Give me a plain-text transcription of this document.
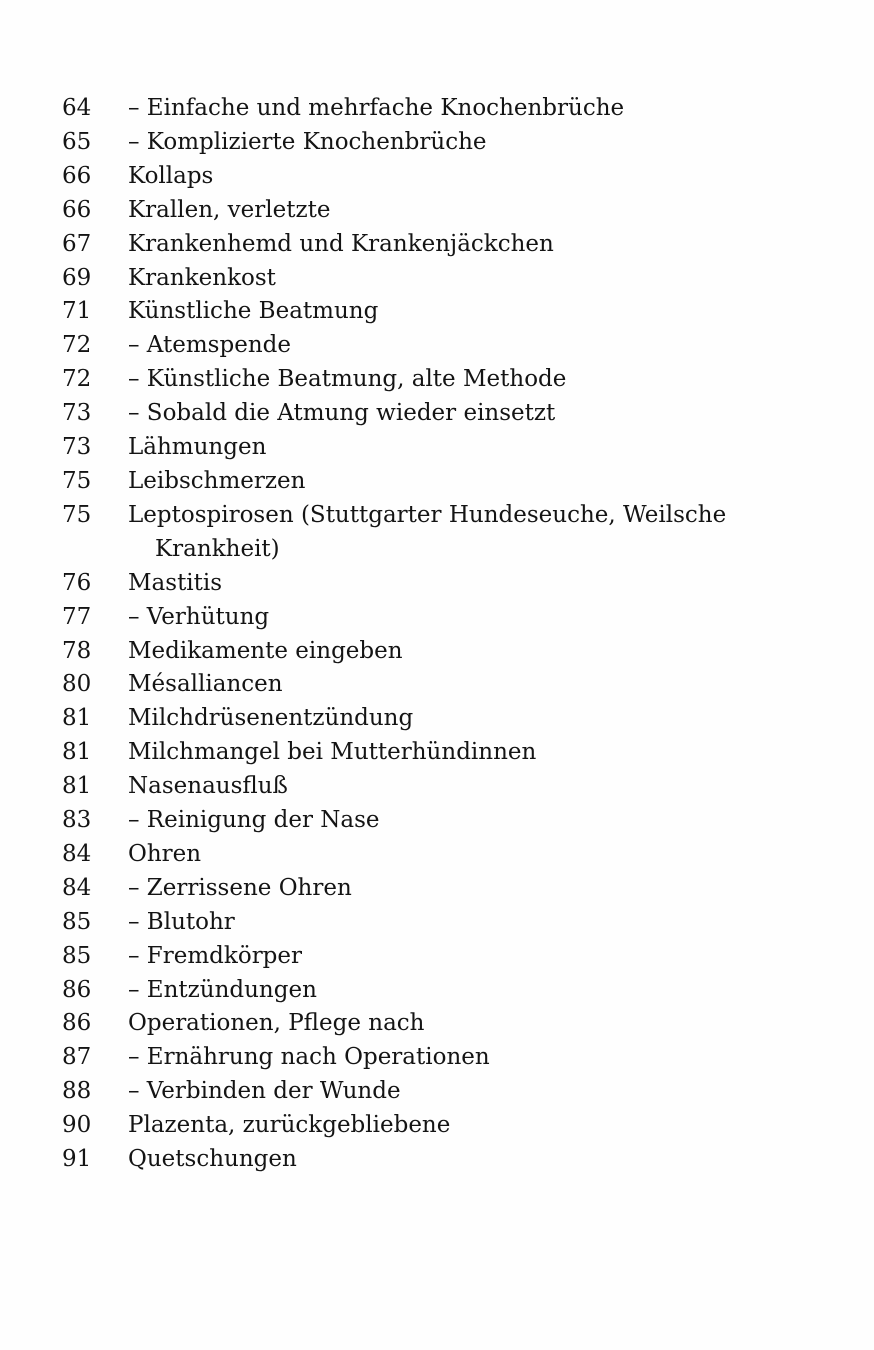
64	– Einfache und mehrfache Knochenbrüche
65	– Komplizierte Knochenbrüche
66	Kollaps
66	Krallen, verletzte
67	Krankenhemd und Krankenjäckchen
69	Krankenkost
71	Künstliche Beatmung
72	– Atemspende
72	– Künstliche Beatmung, alte Methode
73	– Sobald die Atmung wieder einsetzt
73	Lähmungen
75	Leibschmerzen
75	Leptospirosen (Stuttgarter Hundeseuche, Weilsche Krankheit)
76	Mastitis
77	– Verhütung
78	Medikamente eingeben
80	Mésalliancen
81	Milchdrüsenentzündung
81	Milchmangel bei Mutterhündinnen
81	Nasenausfluß
83	– Reinigung der Nase
84	Ohren
84	– Zerrissene Ohren
85	– Blutohr
85	– Fremdkörper
86	– Entzündungen
86	Operationen, Pflege nach
87	– Ernährung nach Operationen
88	– Verbinden der Wunde
90	Plazenta, zurückgebliebene
91	Quetschungen
